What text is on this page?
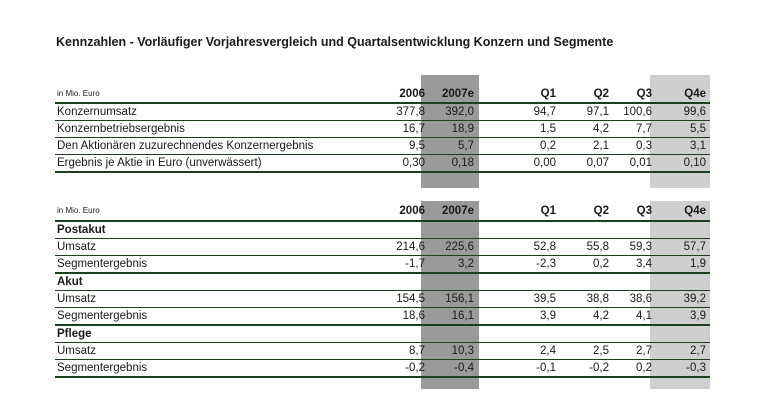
Kennzahlen - Vorläufiger Vorjahresvergleich und Quartalsentwicklung Konzern und Segmente
in Mio. Euro	2006 2007e	Q1	Q2 Q3	Q4e
Konzernumsatz	377,8 392,0	94,7	97,1 100,6	99,6
Konzernbetriebsergebnis	16,7 18,9	1,5	4,2 7,7	5,5
Den Aktionären zuzurechnendes Konzernergebnis	9,5	5,7	0,2	2,1 0,3	3,1
Ergebnis je Aktie in Euro (unverwässert)	0,30 0,18	0,00	0,07 0,01	0,10
in Mio. Euro	2006 2007e	Q1	Q2 Q3	Q4e
Postakut
Umsatz	214,6 225,6	52,8	55,8 59,3	57,7
Segmentergebnis	-1,7	3,2	-2,3	0,2 3,4	1,9
Akut
Umsatz	154,5 156,1	39,5	38,8 38,6	39,2
Segmentergebnis	18,6 16,1	3,9	4,2 4,1	3,9
Pflege
Umsatz	8,7 10,3	2,4	2,5 2,7	2,7
Segmentergebnis	-0,2	-0,4	-0,1	-0,2 0,2	-0,3
